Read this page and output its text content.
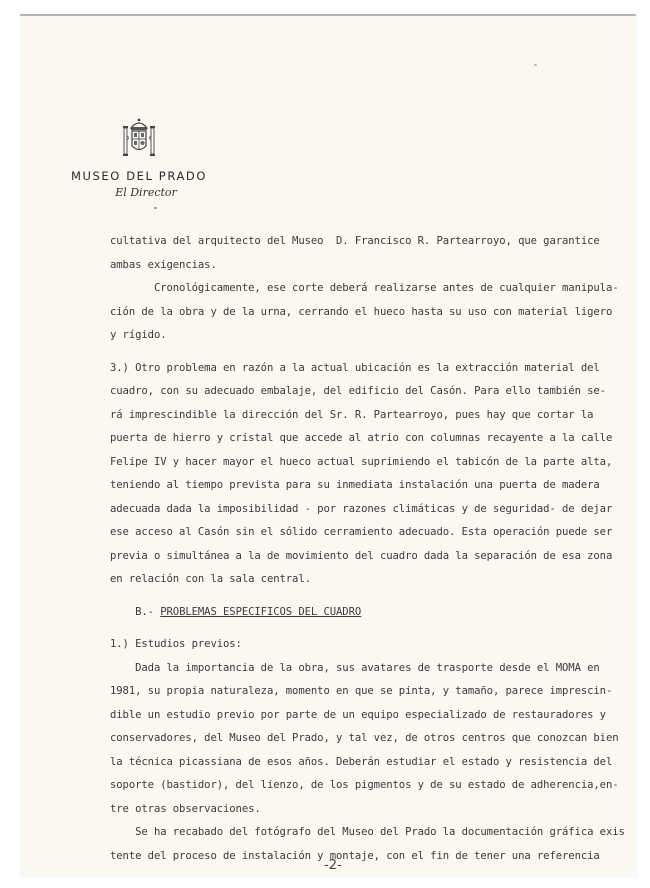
MUSEO DEL PRADO
El Director
cultativa del arquitecto del Museo  D. Francisco R. Partearroyo, que garantice
ambas exigencias.
Cronológicamente, ese corte deberá realizarse antes de cualquier manipula-
ción de la obra y de la urna, cerrando el hueco hasta su uso con material ligero
y rígido.
3.) Otro problema en razón a la actual ubicación es la extracción material del
cuadro, con su adecuado embalaje, del edificio del Casón. Para ello también se-
rá imprescindible la dirección del Sr. R. Partearroyo, pues hay que cortar la
puerta de hierro y cristal que accede al atrio con columnas recayente a la calle
Felipe IV y hacer mayor el hueco actual suprimiendo el tabicón de la parte alta,
teniendo al tiempo prevista para su inmediata instalación una puerta de madera
adecuada dada la imposibilidad - por razones climáticas y de seguridad- de dejar
ese acceso al Casón sin el sólido cerramiento adecuado. Esta operación puede ser
previa o simultánea a la de movimiento del cuadro dada la separación de esa zona
en relación con la sala central.
B.- PROBLEMAS ESPECIFICOS DEL CUADRO
1.) Estudios previos:
Dada la importancia de la obra, sus avatares de trasporte desde el MOMA en
1981, su propia naturaleza, momento en que se pinta, y tamaño, parece imprescin-
dible un estudio previo por parte de un equipo especializado de restauradores y
conservadores, del Museo del Prado, y tal vez, de otros centros que conozcan bien
la técnica picassiana de esos años. Deberán estudiar el estado y resistencia del
soporte (bastidor), del lienzo, de los pigmentos y de su estado de adherencia,en-
tre otras observaciones.
Se ha recabado del fotógrafo del Museo del Prado la documentación gráfica exis
tente del proceso de instalación y montaje, con el fin de tener una referencia
-2-
